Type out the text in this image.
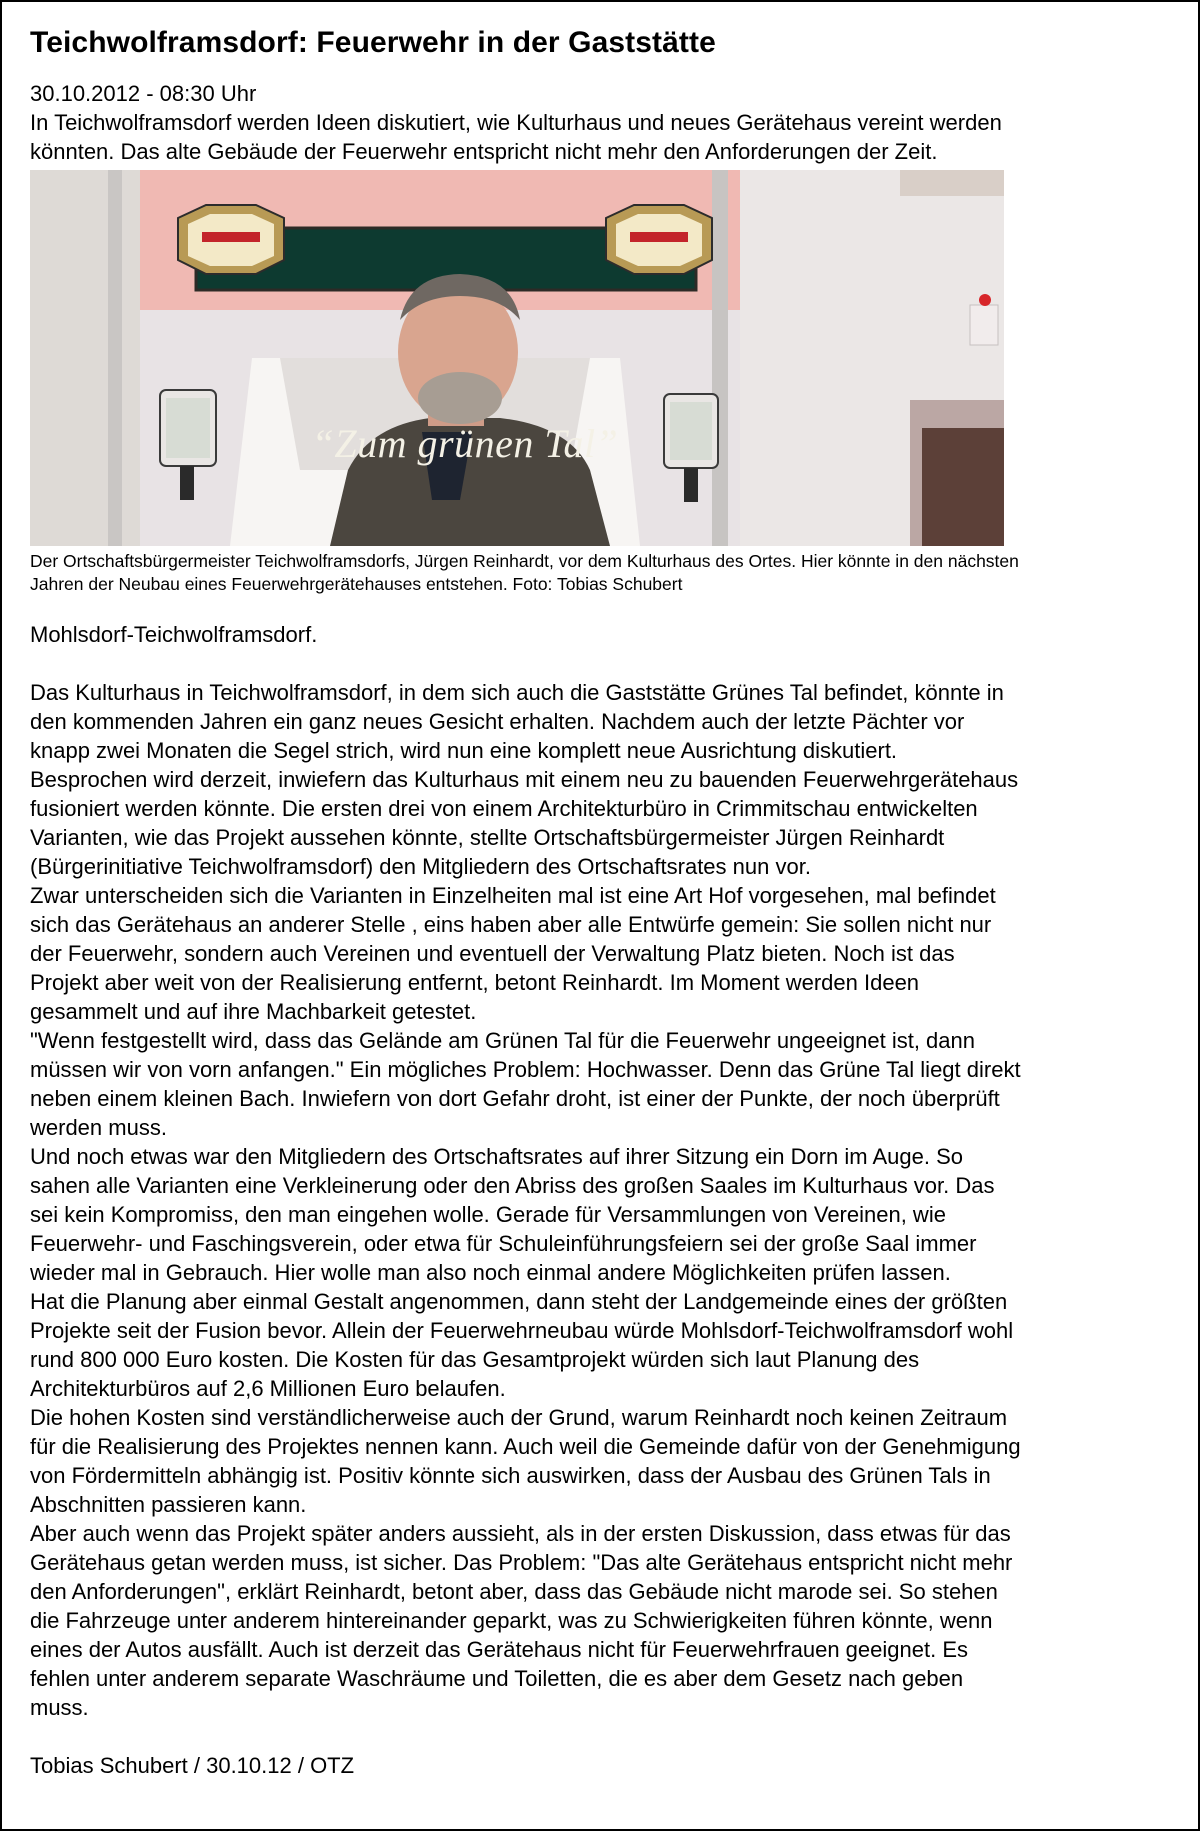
Teichwolframsdorf: Feuerwehr in der Gaststätte
30.10.2012 - 08:30 Uhr
In Teichwolframsdorf werden Ideen diskutiert, wie Kulturhaus und neues Gerätehaus vereint werden
könnten. Das alte Gebäude der Feuerwehr entspricht nicht mehr den Anforderungen der Zeit.
“Zum grünen Tal”
Der Ortschaftsbürgermeister Teichwolframsdorfs, Jürgen Reinhardt, vor dem Kulturhaus des Ortes. Hier könnte in den nächsten
Jahren der Neubau eines Feuerwehrgerätehauses entstehen. Foto: Tobias Schubert
Mohlsdorf-Teichwolframsdorf.

Das Kulturhaus in Teichwolframsdorf, in dem sich auch die Gaststätte Grünes Tal befindet, könnte in
den kommenden Jahren ein ganz neues Gesicht erhalten. Nachdem auch der letzte Pächter vor
knapp zwei Monaten die Segel strich, wird nun eine komplett neue Ausrichtung diskutiert.

Besprochen wird derzeit, inwiefern das Kulturhaus mit einem neu zu bauenden Feuerwehrgerätehaus
fusioniert werden könnte. Die ersten drei von einem Architekturbüro in Crimmitschau entwickelten
Varianten, wie das Projekt aussehen könnte, stellte Ortschaftsbürgermeister Jürgen Reinhardt
(Bürgerinitiative Teichwolframsdorf) den Mitgliedern des Ortschaftsrates nun vor.

Zwar unterscheiden sich die Varianten in Einzelheiten mal ist eine Art Hof vorgesehen, mal befindet
sich das Gerätehaus an anderer Stelle , eins haben aber alle Entwürfe gemein: Sie sollen nicht nur
der Feuerwehr, sondern auch Vereinen und eventuell der Verwaltung Platz bieten. Noch ist das
Projekt aber weit von der Realisierung entfernt, betont Reinhardt. Im Moment werden Ideen
gesammelt und auf ihre Machbarkeit getestet.

"Wenn festgestellt wird, dass das Gelände am Grünen Tal für die Feuerwehr ungeeignet ist, dann
müssen wir von vorn anfangen." Ein mögliches Problem: Hochwasser. Denn das Grüne Tal liegt direkt
neben einem kleinen Bach. Inwiefern von dort Gefahr droht, ist einer der Punkte, der noch überprüft
werden muss.

Und noch etwas war den Mitgliedern des Ortschaftsrates auf ihrer Sitzung ein Dorn im Auge. So
sahen alle Varianten eine Verkleinerung oder den Abriss des großen Saales im Kulturhaus vor. Das
sei kein Kompromiss, den man eingehen wolle. Gerade für Versammlungen von Vereinen, wie
Feuerwehr- und Faschingsverein, oder etwa für Schuleinführungsfeiern sei der große Saal immer
wieder mal in Gebrauch. Hier wolle man also noch einmal andere Möglichkeiten prüfen lassen.

Hat die Planung aber einmal Gestalt angenommen, dann steht der Landgemeinde eines der größten
Projekte seit der Fusion bevor. Allein der Feuerwehrneubau würde Mohlsdorf-Teichwolframsdorf wohl
rund 800 000 Euro kosten. Die Kosten für das Gesamtprojekt würden sich laut Planung des
Architekturbüros auf 2,6 Millionen Euro belaufen.

Die hohen Kosten sind verständlicherweise auch der Grund, warum Reinhardt noch keinen Zeitraum
für die Realisierung des Projektes nennen kann. Auch weil die Gemeinde dafür von der Genehmigung
von Fördermitteln abhängig ist. Positiv könnte sich auswirken, dass der Ausbau des Grünen Tals in
Abschnitten passieren kann.

Aber auch wenn das Projekt später anders aussieht, als in der ersten Diskussion, dass etwas für das
Gerätehaus getan werden muss, ist sicher. Das Problem: "Das alte Gerätehaus entspricht nicht mehr
den Anforderungen", erklärt Reinhardt, betont aber, dass das Gebäude nicht marode sei. So stehen
die Fahrzeuge unter anderem hintereinander geparkt, was zu Schwierigkeiten führen könnte, wenn
eines der Autos ausfällt. Auch ist derzeit das Gerätehaus nicht für Feuerwehrfrauen geeignet. Es
fehlen unter anderem separate Waschräume und Toiletten, die es aber dem Gesetz nach geben
muss.

Tobias Schubert / 30.10.12 / OTZ
